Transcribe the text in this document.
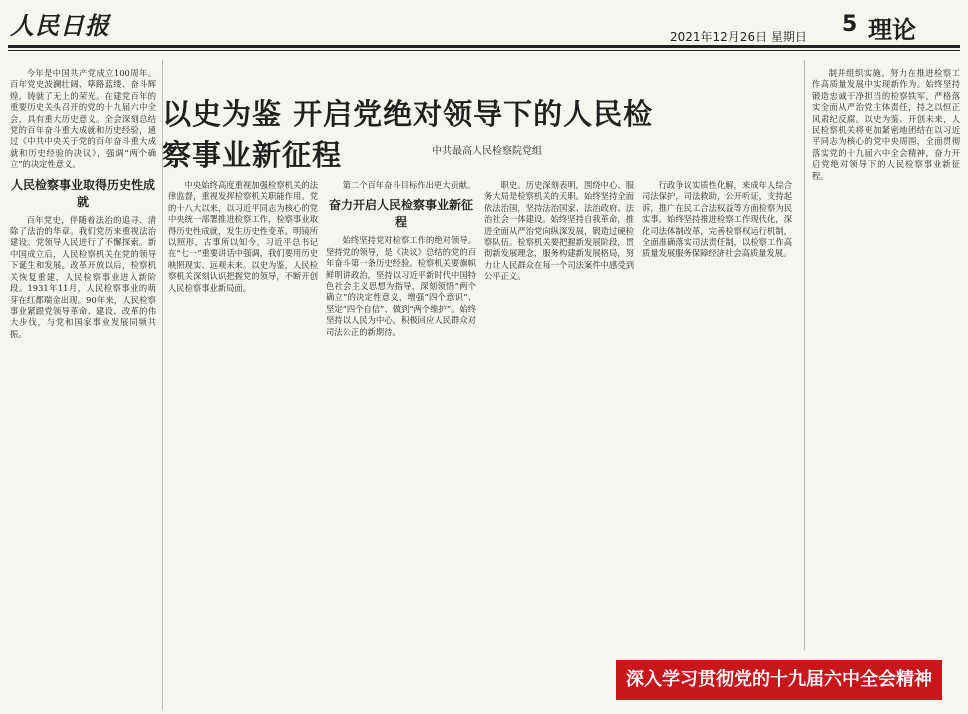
人民日报	2021年12月26日 星期日 5 理论
以史为鉴 开启党绝对领导下的人民检察事业新征程	中共最高人民检察院党组

今年是中国共产党成立100周年。百年党史波澜壮阔、筚路蓝缕、奋斗辉煌，铸就了无上的荣光。在建党百年的重要历史关头召开的党的十九届六中全会，具有重大历史意义。全会深刻总结党的百年奋斗重大成就和历史经验，通过《中共中央关于党的百年奋斗重大成就和历史经验的决议》，强调“两个确立”的决定性意义。

人民检察事业取得历史性成就

百年党史，伴随着法治的追寻、清除了法治的华章。我们党历来重视法治建设。党领导人民进行了不懈探索。新中国成立后，人民检察机关在党的领导下诞生和发展。改革开放以后，检察机关恢复重建，人民检察事业进入新阶段。1931年11月，人民检察事业的萌芽在红都瑞金出现。90年来，人民检察事业紧跟党领导革命、建设、改革的伟大步伐，与党和国家事业发展同频共振。

中央始终高度重视加强检察机关的法律监督，重视发挥检察机关职能作用。党的十八大以来，以习近平同志为核心的党中央统一部署推进检察工作，检察事业取得历史性成就，发生历史性变革。明镜所以照形，古事所以知今。习近平总书记在“七一”重要讲话中强调，我们要用历史映照现实、远观未来。以史为鉴，人民检察机关深刻认识把握党的领导，不断开创人民检察事业新局面。

第二个百年奋斗目标作出更大贡献。

奋力开启人民检察事业新征程

始终坚持党对检察工作的绝对领导。坚持党的领导，是《决议》总结的党的百年奋斗第一条历史经验。检察机关要旗帜鲜明讲政治，坚持以习近平新时代中国特色社会主义思想为指导，深刻领悟“两个确立”的决定性意义，增强“四个意识”、坚定“四个自信”、做到“两个维护”。始终坚持以人民为中心，积极回应人民群众对司法公正的新期待。

职史。历史深刻表明，围绕中心、服务大局是检察机关的天职。始终坚持全面依法治国，坚持法治国家、法治政府、法治社会一体建设。始终坚持自我革命，推进全面从严治党向纵深发展，锻造过硬检察队伍。检察机关要把握新发展阶段，贯彻新发展理念，服务构建新发展格局，努力让人民群众在每一个司法案件中感受到公平正义。

行政争议实质性化解，来成年人综合司法保护，司法救助，公开听证，支持起诉，推广在民工合法权益等方面检察为民实事。始终坚持推进检察工作现代化，深化司法体制改革，完善检察权运行机制，全面准确落实司法责任制，以检察工作高质量发展服务保障经济社会高质量发展。

制并组织实施。努力在推进检察工作高质量发展中实现新作为。始终坚持锻造忠诚干净担当的检察铁军，严格落实全面从严治党主体责任，持之以恒正风肃纪反腐。以史为鉴、开创未来，人民检察机关将更加紧密地团结在以习近平同志为核心的党中央周围，全面贯彻落实党的十九届六中全会精神，奋力开启党绝对领导下的人民检察事业新征程。

深入学习贯彻党的十九届六中全会精神
